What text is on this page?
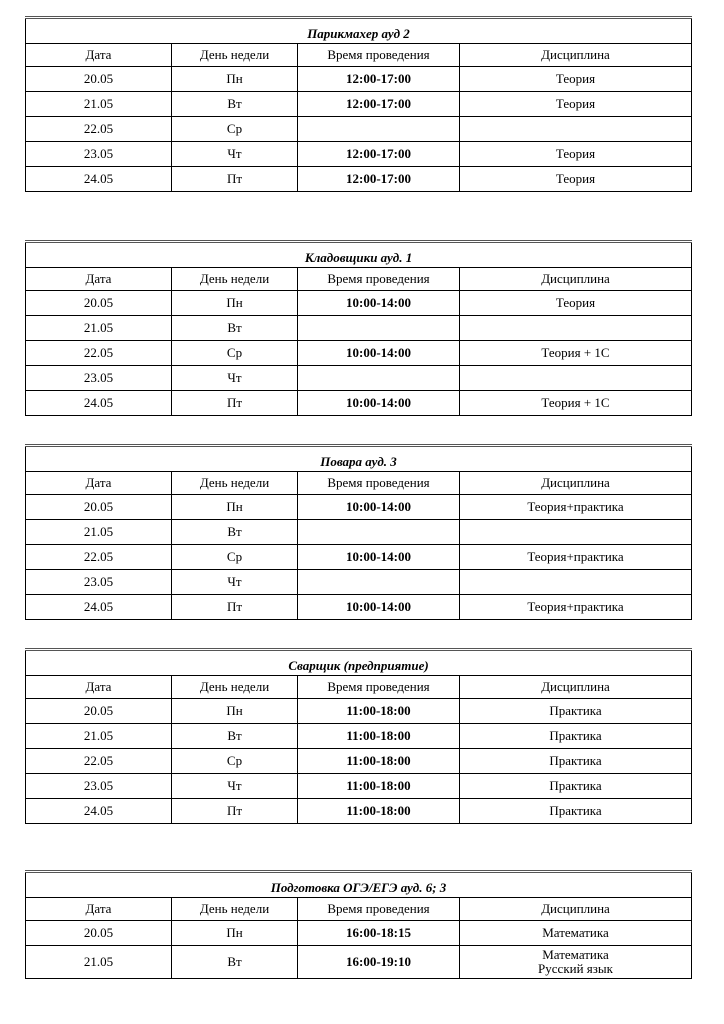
Парикмахер ауд 2			
Дата	День недели	Время проведения	Дисциплина
20.05	Пн	12:00-17:00	Теория
21.05	Вт	12:00-17:00	Теория
22.05	Ср		
23.05	Чт	12:00-17:00	Теория
24.05	Пт	12:00-17:00	Теория
Кладовщики ауд. 1			
Дата	День недели	Время проведения	Дисциплина
20.05	Пн	10:00-14:00	Теория
21.05	Вт		
22.05	Ср	10:00-14:00	Теория + 1С
23.05	Чт		
24.05	Пт	10:00-14:00	Теория + 1С
Повара ауд. 3			
Дата	День недели	Время проведения	Дисциплина
20.05	Пн	10:00-14:00	Теория+практика
21.05	Вт		
22.05	Ср	10:00-14:00	Теория+практика
23.05	Чт		
24.05	Пт	10:00-14:00	Теория+практика
Сварщик (предприятие)			
Дата	День недели	Время проведения	Дисциплина
20.05	Пн	11:00-18:00	Практика
21.05	Вт	11:00-18:00	Практика
22.05	Ср	11:00-18:00	Практика
23.05	Чт	11:00-18:00	Практика
24.05	Пт	11:00-18:00	Практика
Подготовка ОГЭ/ЕГЭ ауд. 6; 3			
Дата	День недели	Время проведения	Дисциплина
20.05	Пн	16:00-18:15	Математика
21.05	Вт	16:00-19:10	Математика
Русский язык
